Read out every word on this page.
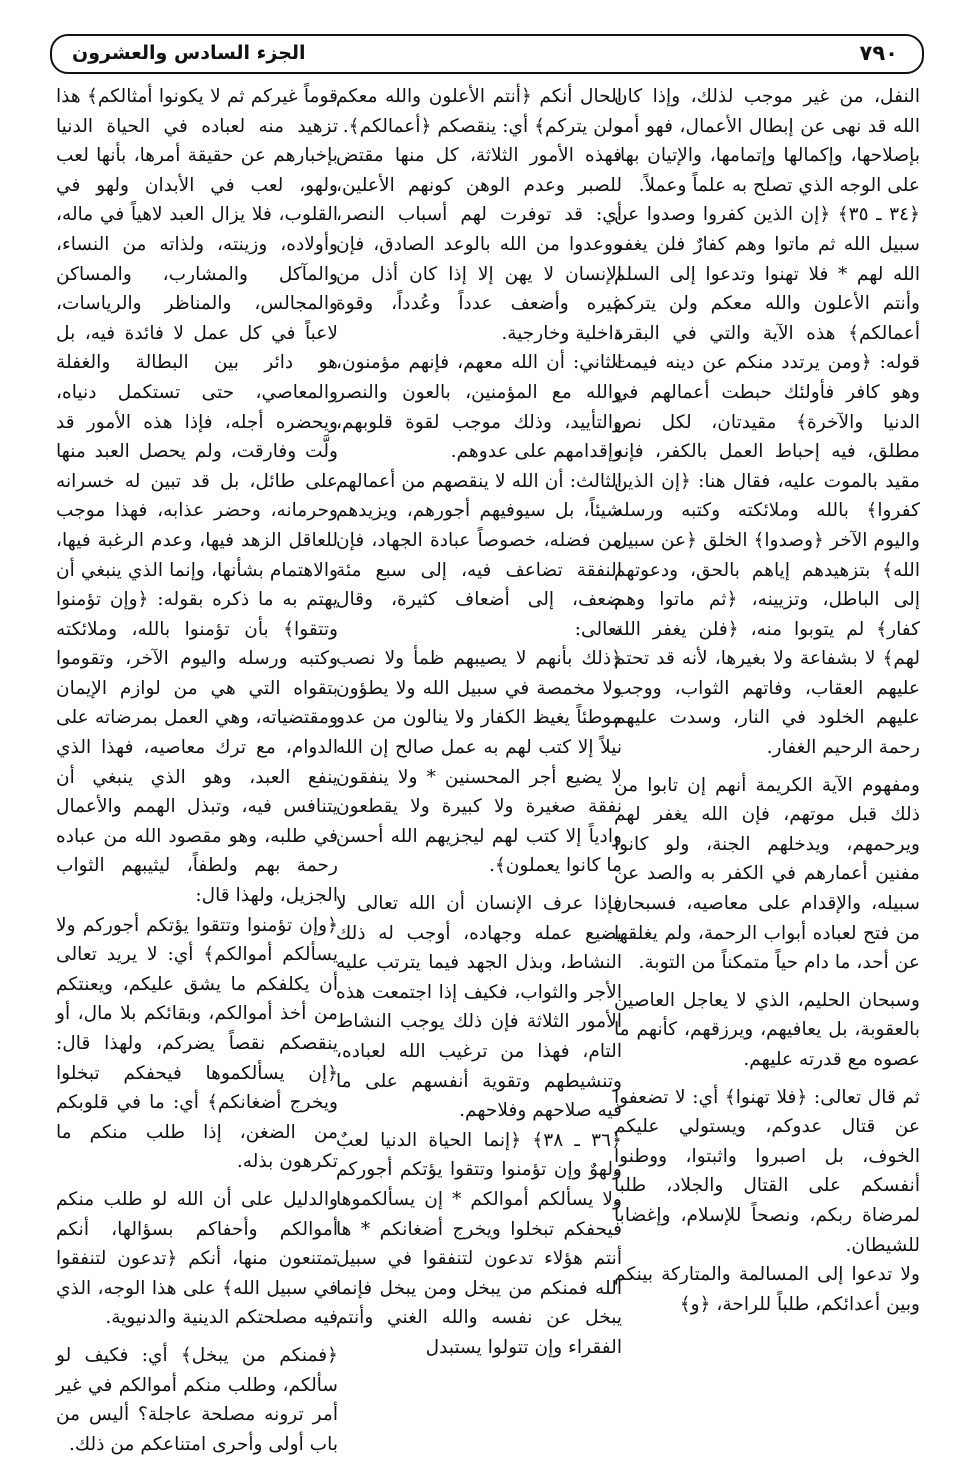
٧٩٠
الجزء السادس والعشرون

النفل، من غير موجب لذلك، وإذا كان الله قد نهى عن إبطال الأعمال، فهو أمر بإصلاحها، وإكمالها وإتمامها، والإتيان بها، على الوجه الذي تصلح به علماً وعملاً.

﴿٣٤ ـ ٣٥﴾ ﴿إن الذين كفروا وصدوا عن سبيل الله ثم ماتوا وهم كفارٌ فلن يغفر الله لهم * فلا تهنوا وتدعوا إلى السلم وأنتم الأعلون والله معكم ولن يتركم أعمالكم﴾ هذه الآية والتي في البقرة قوله: ﴿ومن يرتدد منكم عن دينه فيمت وهو كافر فأولئك حبطت أعمالهم في الدنيا والآخرة﴾ مقيدتان، لكل نص مطلق، فيه إحباط العمل بالكفر، فإنه مقيد بالموت عليه، فقال هنا: ﴿إن الذين كفروا﴾ بالله وملائكته وكتبه ورسله واليوم الآخر ﴿وصدوا﴾ الخلق ﴿عن سبيل الله﴾ بتزهيدهم إياهم بالحق، ودعوتهم إلى الباطل، وتزيينه، ﴿ثم ماتوا وهم كفار﴾ لم يتوبوا منه، ﴿فلن يغفر الله لهم﴾ لا بشفاعة ولا بغيرها، لأنه قد تحتم عليهم العقاب، وفاتهم الثواب، ووجب عليهم الخلود في النار، وسدت عليهم رحمة الرحيم الغفار.

ومفهوم الآية الكريمة أنهم إن تابوا من ذلك قبل موتهم، فإن الله يغفر لهم ويرحمهم، ويدخلهم الجنة، ولو كانوا مفنين أعمارهم في الكفر به والصد عن سبيله، والإقدام على معاصيه، فسبحان من فتح لعباده أبواب الرحمة، ولم يغلقها عن أحد، ما دام حياً متمكناً من التوبة.

وسبحان الحليم، الذي لا يعاجل العاصين بالعقوبة، بل يعافيهم، ويرزقهم، كأنهم ما عصوه مع قدرته عليهم.

ثم قال تعالى: ﴿فلا تهنوا﴾ أي: لا تضعفوا عن قتال عدوكم، ويستولي عليكم الخوف، بل اصبروا واثبتوا، ووطنوا أنفسكم على القتال والجلاد، طلباً لمرضاة ربكم، ونصحاً للإسلام، وإغضاباً للشيطان.

ولا تدعوا إلى المسالمة والمتاركة بينكم وبين أعدائكم، طلباً للراحة، ﴿و﴾

الحال أنكم ﴿أنتم الأعلون والله معكم ولن يتركم﴾ أي: ينقصكم ﴿أعمالكم﴾.

فهذه الأمور الثلاثة، كل منها مقتض للصبر وعدم الوهن كونهم الأعلين، أي: قد توفرت لهم أسباب النصر، ووعدوا من الله بالوعد الصادق، فإن الإنسان لا يهن إلا إذا كان أذل من غيره وأضعف عدداً وعُدداً، وقوة داخلية وخارجية.

الثاني: أن الله معهم، فإنهم مؤمنون، والله مع المؤمنين، بالعون والنصر والتأييد، وذلك موجب لقوة قلوبهم، وإقدامهم على عدوهم.

الثالث: أن الله لا ينقصهم من أعمالهم شيئاً، بل سيوفيهم أجورهم، ويزيدهم من فضله، خصوصاً عبادة الجهاد، فإن النفقة تضاعف فيه، إلى سبع مئة ضعف، إلى أضعاف كثيرة، وقال تعالى:

﴿ذلك بأنهم لا يصيبهم ظمأ ولا نصب ولا مخمصة في سبيل الله ولا يطؤون موطئاً يغيظ الكفار ولا ينالون من عدو نيلاً إلا كتب لهم به عمل صالح إن الله لا يضيع أجر المحسنين * ولا ينفقون نفقة صغيرة ولا كبيرة ولا يقطعون وادياً إلا كتب لهم ليجزيهم الله أحسن ما كانوا يعملون﴾.

فإذا عرف الإنسان أن الله تعالى لا يضيع عمله وجهاده، أوجب له ذلك النشاط، وبذل الجهد فيما يترتب عليه الأجر والثواب، فكيف إذا اجتمعت هذه الأمور الثلاثة فإن ذلك يوجب النشاط التام، فهذا من ترغيب الله لعباده، وتنشيطهم وتقوية أنفسهم على ما فيه صلاحهم وفلاحهم.

﴿٣٦ ـ ٣٨﴾ ﴿إنما الحياة الدنيا لعبٌ ولهوٌ وإن تؤمنوا وتتقوا يؤتكم أجوركم ولا يسألكم أموالكم * إن يسألكموها فيحفكم تبخلوا ويخرج أضغانكم * ها أنتم هؤلاء تدعون لتنفقوا في سبيل الله فمنكم من يبخل ومن يبخل فإنما يبخل عن نفسه والله الغني وأنتم الفقراء وإن تتولوا يستبدل

قوماً غيركم ثم لا يكونوا أمثالكم﴾ هذا تزهيد منه لعباده في الحياة الدنيا بإخبارهم عن حقيقة أمرها، بأنها لعب ولهو، لعب في الأبدان ولهو في القلوب، فلا يزال العبد لاهياً في ماله، وأولاده، وزينته، ولذاته من النساء، والمآكل والمشارب، والمساكن والمجالس، والمناظر والرياسات، لاعباً في كل عمل لا فائدة فيه، بل هو دائر بين البطالة والغفلة والمعاصي، حتى تستكمل دنياه، ويحضره أجله، فإذا هذه الأمور قد ولَّت وفارقت، ولم يحصل العبد منها على طائل، بل قد تبين له خسرانه وحرمانه، وحضر عذابه، فهذا موجب للعاقل الزهد فيها، وعدم الرغبة فيها، والاهتمام بشأنها، وإنما الذي ينبغي أن يهتم به ما ذكره بقوله: ﴿وإن تؤمنوا وتتقوا﴾ بأن تؤمنوا بالله، وملائكته وكتبه ورسله واليوم الآخر، وتقوموا بتقواه التي هي من لوازم الإيمان ومقتضياته، وهي العمل بمرضاته على الدوام، مع ترك معاصيه، فهذا الذي ينفع العبد، وهو الذي ينبغي أن يتنافس فيه، وتبذل الهمم والأعمال في طلبه، وهو مقصود الله من عباده رحمة بهم ولطفاً، ليثيبهم الثواب الجزيل، ولهذا قال:

﴿وإن تؤمنوا وتتقوا يؤتكم أجوركم ولا يسألكم أموالكم﴾ أي: لا يريد تعالى أن يكلفكم ما يشق عليكم، ويعنتكم من أخذ أموالكم، وبقائكم بلا مال، أو ينقصكم نقصاً يضركم، ولهذا قال: ﴿إن يسألكموها فيحفكم تبخلوا ويخرج أضغانكم﴾ أي: ما في قلوبكم من الضغن، إذا طلب منكم ما تكرهون بذله.

والدليل على أن الله لو طلب منكم أموالكم وأحفاكم بسؤالها، أنكم تمتنعون منها، أنكم ﴿تدعون لتنفقوا في سبيل الله﴾ على هذا الوجه، الذي فيه مصلحتكم الدينية والدنيوية.

﴿فمنكم من يبخل﴾ أي: فكيف لو سألكم، وطلب منكم أموالكم في غير أمر ترونه مصلحة عاجلة؟ أليس من باب أولى وأحرى امتناعكم من ذلك.
